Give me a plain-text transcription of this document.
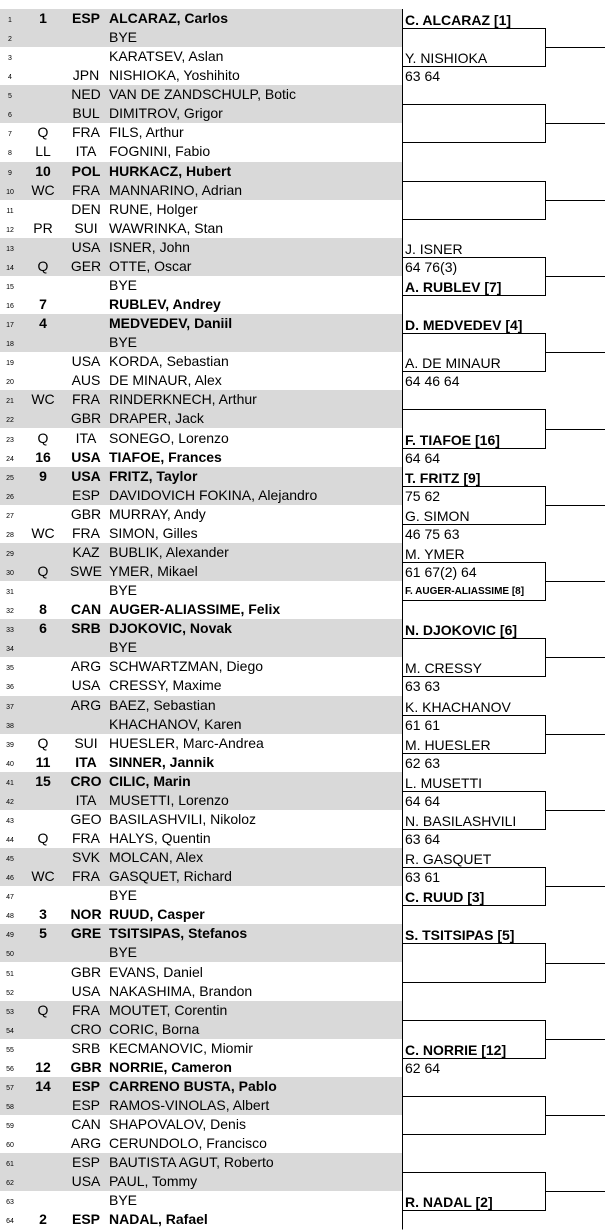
1	1	ESP ALCARAZ, Carlos
2	BYE
3	KARATSEV, Aslan
4	JPN NISHIOKA, Yoshihito
5	NED VAN DE ZANDSCHULP, Botic
6	BUL DIMITROV, Grigor
7	Q	FRA FILS, Arthur
8	LL	ITA FOGNINI, Fabio
9	10	POL HURKACZ, Hubert
10	WC	FRA MANNARINO, Adrian
11	DEN RUNE, Holger
12	PR	SUI WAWRINKA, Stan
13	USA ISNER, John
14	Q	GER OTTE, Oscar
15	BYE
16	7	RUBLEV, Andrey
17	4	MEDVEDEV, Daniil
18	BYE
19	USA KORDA, Sebastian
20	AUS DE MINAUR, Alex
21	WC	FRA RINDERKNECH, Arthur
22	GBR DRAPER, Jack
23	Q	ITA SONEGO, Lorenzo
24	16	USA TIAFOE, Frances
25	9	USA FRITZ, Taylor
26	ESP DAVIDOVICH FOKINA, Alejandro
27	GBR MURRAY, Andy
28	WC	FRA SIMON, Gilles
29	KAZ BUBLIK, Alexander
30	Q	SWE YMER, Mikael
31	BYE
32	8	CAN AUGER-ALIASSIME, Felix
33	6	SRB DJOKOVIC, Novak
34	BYE
35	ARG SCHWARTZMAN, Diego
36	USA CRESSY, Maxime
37	ARG BAEZ, Sebastian
38	KHACHANOV, Karen
39	Q	SUI HUESLER, Marc-Andrea
40	11	ITA SINNER, Jannik
41	15	CRO CILIC, Marin
42	ITA MUSETTI, Lorenzo
43	GEO BASILASHVILI, Nikoloz
44	Q	FRA HALYS, Quentin
45	SVK MOLCAN, Alex
46	WC	FRA GASQUET, Richard
47	BYE
48	3	NOR RUUD, Casper
49	5	GRE TSITSIPAS, Stefanos
50	BYE
51	GBR EVANS, Daniel
52	USA NAKASHIMA, Brandon
53	Q	FRA MOUTET, Corentin
54	CRO CORIC, Borna
55	SRB KECMANOVIC, Miomir
56	12	GBR NORRIE, Cameron
57	14	ESP CARRENO BUSTA, Pablo
58	ESP RAMOS-VINOLAS, Albert
59	CAN SHAPOVALOV, Denis
60	ARG CERUNDOLO, Francisco
61	ESP BAUTISTA AGUT, Roberto
62	USA PAUL, Tommy
63	BYE
64	2	ESP NADAL, Rafael
C. ALCARAZ [1]
Y. NISHIOKA
63 64
J. ISNER
64 76(3)
A. RUBLEV [7]
D. MEDVEDEV [4]
A. DE MINAUR
64 46 64
F. TIAFOE [16]
64 64
T. FRITZ [9]
75 62
G. SIMON
46 75 63
M. YMER
61 67(2) 64
F. AUGER-ALIASSIME [8]
N. DJOKOVIC [6]
M. CRESSY
63 63
K. KHACHANOV
61 61
M. HUESLER
62 63
L. MUSETTI
64 64
N. BASILASHVILI
63 64
R. GASQUET
63 61
C. RUUD [3]
S. TSITSIPAS [5]
C. NORRIE [12]
62 64
R. NADAL [2]
